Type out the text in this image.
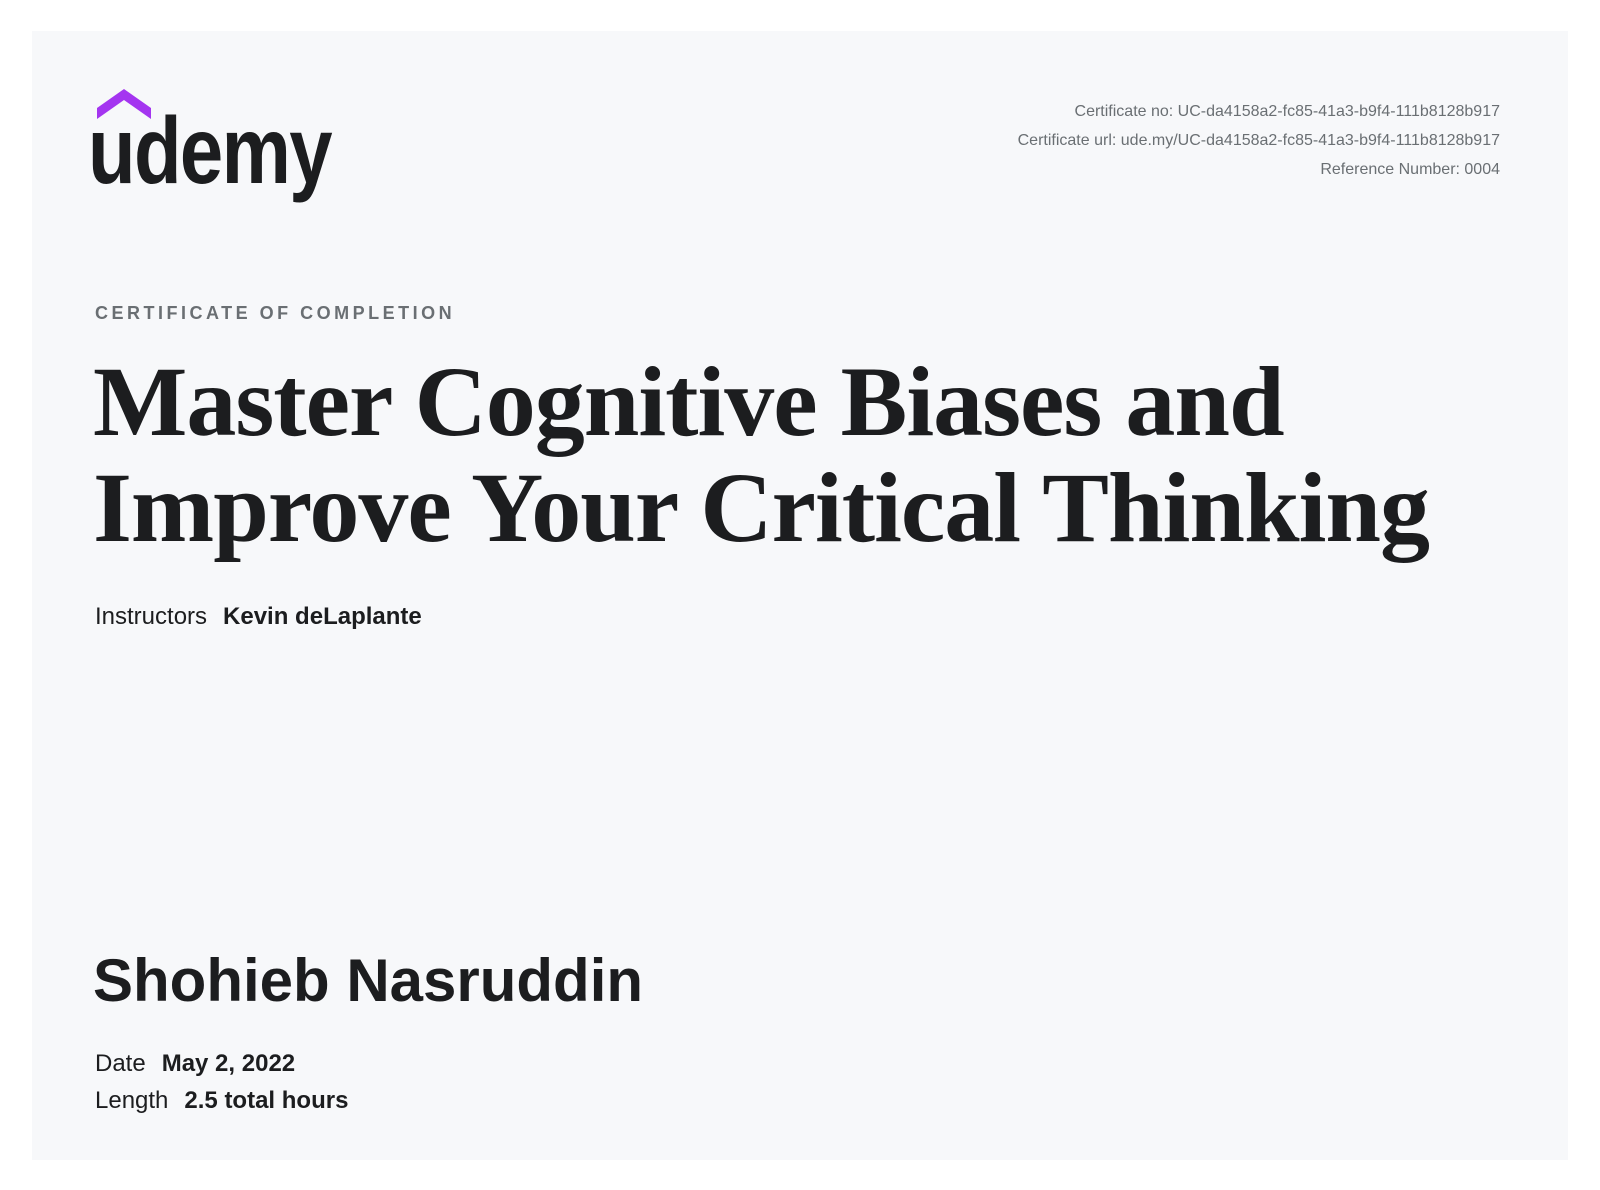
udemy	Certificate no: UC-da4158a2-fc85-41a3-b9f4-111b8128b917
Certificate url: ude.my/UC-da4158a2-fc85-41a3-b9f4-111b8128b917
Reference Number: 0004
CERTIFICATE OF COMPLETION
Master Cognitive Biases and
Improve Your Critical Thinking
Instructors Kevin deLaplante
Shohieb Nasruddin
Date May 2, 2022
Length 2.5 total hours
